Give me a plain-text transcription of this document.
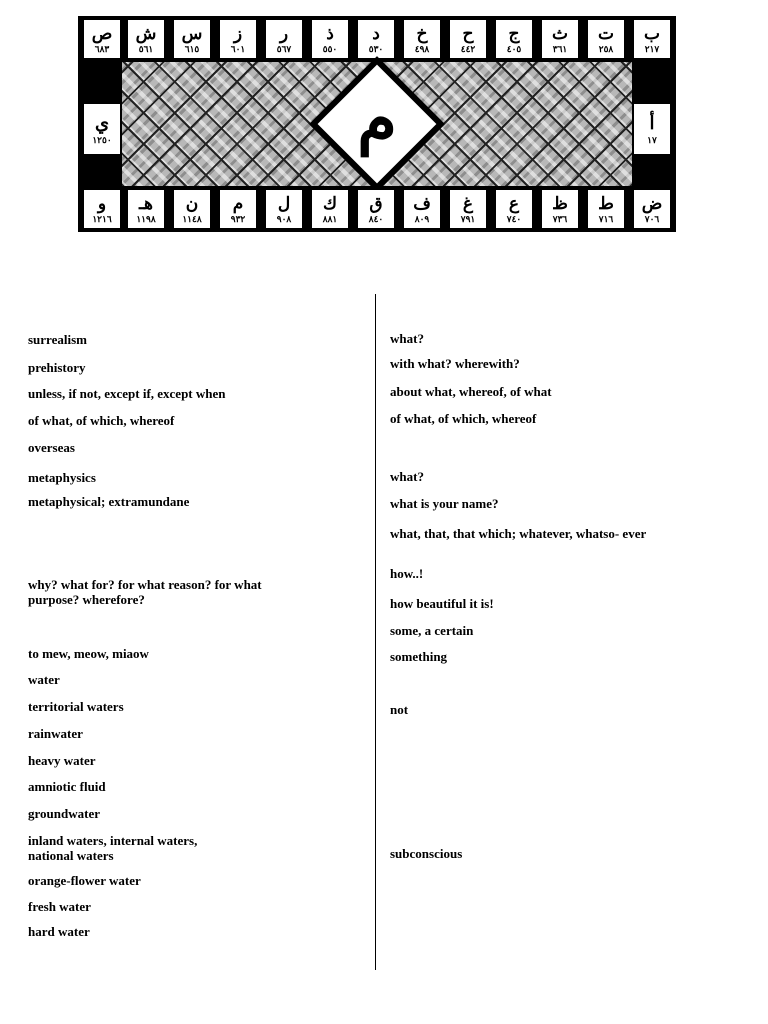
ص
٦٨٣
ش
٥٦١
س
٦١٥
ز
٦٠١
ر
٥٦٧
ذ
٥٥٠
د
٥٣٠
خ
٤٩٨
ح
٤٤٢
ج
٤٠٥
ث
٣٦١
ت
٢٥٨
ب
٢١٧
ي
١٢٥٠
أ
١٧
م
و
١٢١٦
هـ
١١٩٨
ن
١١٤٨
م
٩٣٢
ل
٩٠٨
ك
٨٨١
ق
٨٤٠
ف
٨٠٩
غ
٧٩١
ع
٧٤٠
ظ
٧٣٦
ط
٧١٦
ض
٧٠٦
surrealism
prehistory
unless, if not, except if, except when
of what, of which, whereof
overseas
metaphysics
metaphysical; extramundane
why? what for? for what reason? for what purpose? wherefore?
to mew, meow, miaow
water
territorial waters
rainwater
heavy water
amniotic fluid
groundwater
inland waters, internal waters, national waters
orange-flower water
fresh water
hard water
what?
with what? wherewith?
about what, whereof, of what
of what, of which, whereof
what?
what is your name?
what, that, that which; whatever, whatso- ever
how..!
how beautiful it is!
some, a certain
something
not
subconscious
